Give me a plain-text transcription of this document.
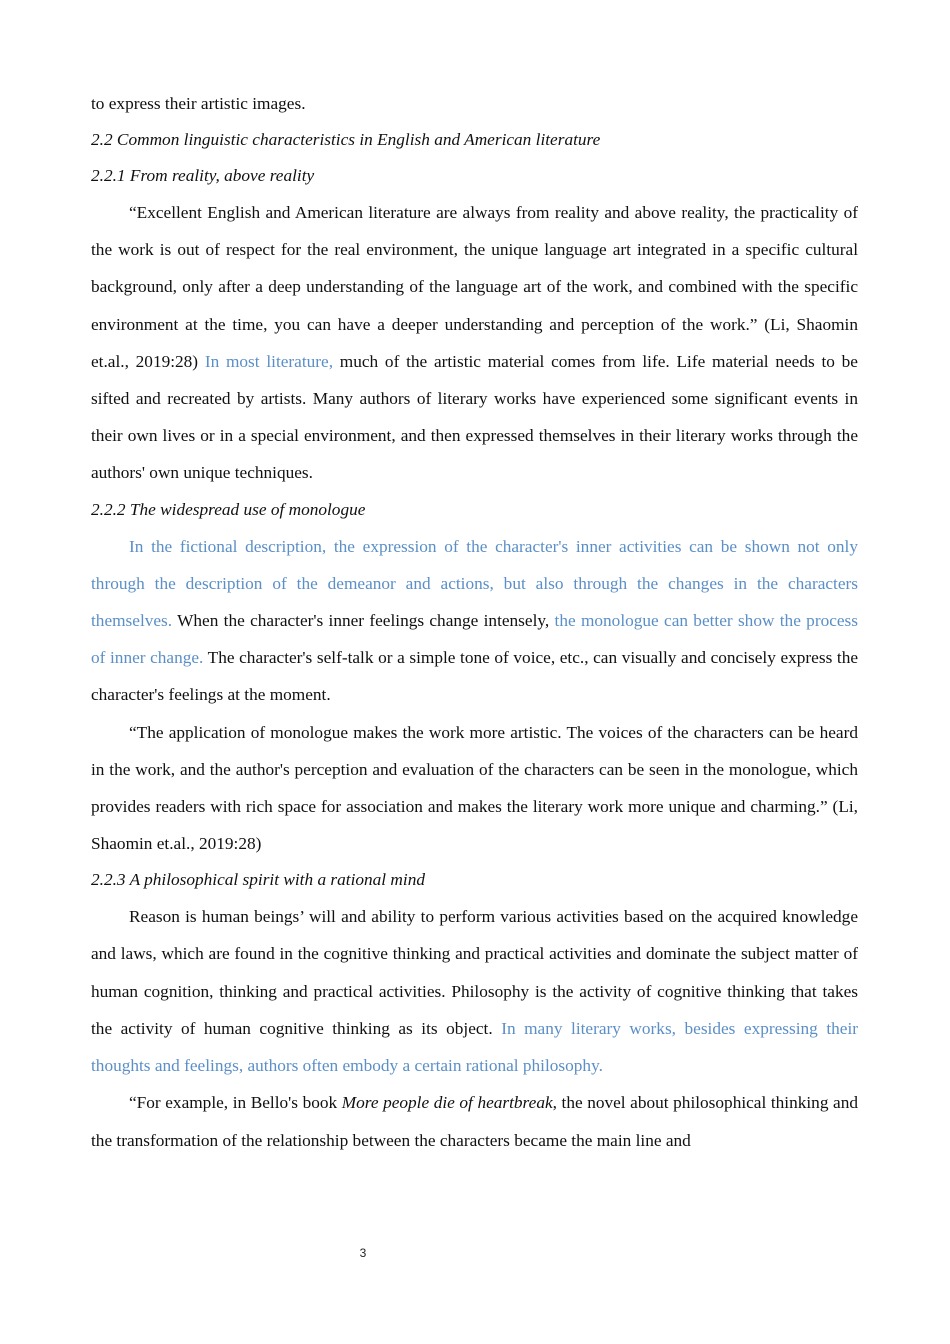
to express their artistic images.

2.2 Common linguistic characteristics in English and American literature

2.2.1 From reality, above reality

“Excellent English and American literature are always from reality and above reality, the practicality of the work is out of respect for the real environment, the unique language art integrated in a specific cultural background, only after a deep understanding of the language art of the work, and combined with the specific environment at the time, you can have a deeper understanding and perception of the work.” (Li, Shaomin et.al., 2019:28) In most literature, much of the artistic material comes from life. Life material needs to be sifted and recreated by artists. Many authors of literary works have experienced some significant events in their own lives or in a special environment, and then expressed themselves in their literary works through the authors' own unique techniques.

2.2.2 The widespread use of monologue

In the fictional description, the expression of the character's inner activities can be shown not only through the description of the demeanor and actions, but also through the changes in the characters themselves. When the character's inner feelings change intensely, the monologue can better show the process of inner change. The character's self-talk or a simple tone of voice, etc., can visually and concisely express the character's feelings at the moment.

“The application of monologue makes the work more artistic. The voices of the characters can be heard in the work, and the author's perception and evaluation of the characters can be seen in the monologue, which provides readers with rich space for association and makes the literary work more unique and charming.” (Li, Shaomin et.al., 2019:28)

2.2.3 A philosophical spirit with a rational mind

Reason is human beings’ will and ability to perform various activities based on the acquired knowledge and laws, which are found in the cognitive thinking and practical activities and dominate the subject matter of human cognition, thinking and practical activities. Philosophy is the activity of cognitive thinking that takes the activity of human cognitive thinking as its object. In many literary works, besides expressing their thoughts and feelings, authors often embody a certain rational philosophy.

“For example, in Bello's book More people die of heartbreak, the novel about philosophical thinking and the transformation of the relationship between the characters became the main line and

3
